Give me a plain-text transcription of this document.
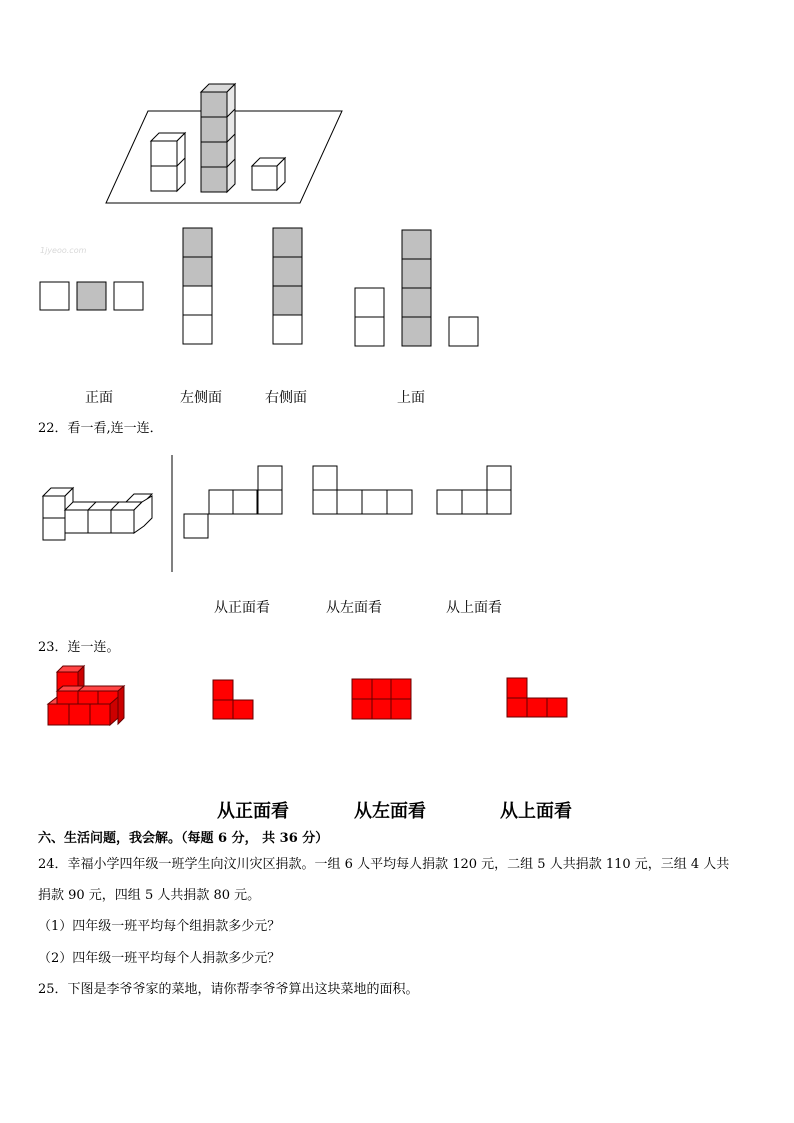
1jyeoo.com
正面	左侧面	右侧面	上面
22．看一看,连一连．
从正面看	从左面看	从上面看
23．连一连。
从正面看	从左面看	从上面看
六、生活问题，我会解。（每题 6 分， 共 36 分）
24．幸福小学四年级一班学生向汶川灾区捐款。一组 6 人平均每人捐款 120 元，二组 5 人共捐款 110 元，三组 4 人共
捐款 90 元，四组 5 人共捐款 80 元。
（1）四年级一班平均每个组捐款多少元？
（2）四年级一班平均每个人捐款多少元？
25．下图是李爷爷家的菜地，请你帮李爷爷算出这块菜地的面积。
